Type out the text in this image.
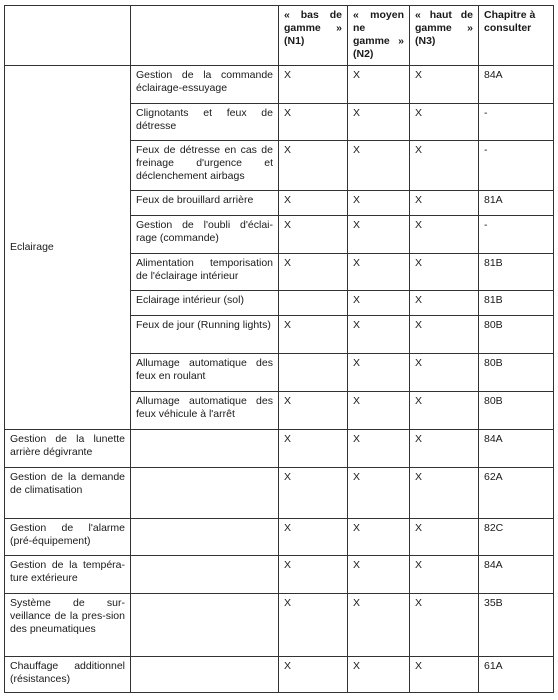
		« bas de gamme » (N1)	« moyen ne gamme » (N2)	« haut de gamme » (N3)	Chapitre à consulter
Eclairage	Gestion de la commande éclairage-essuyage	X	X	X	84A
	Clignotants et feux de détresse	X	X	X	-
	Feux de détresse en cas de freinage d'urgence et déclenchement airbags	X	X	X	-
	Feux de brouillard arrière	X	X	X	81A
	Gestion de l'oubli d'éclai-rage (commande)	X	X	X	-
	Alimentation temporisation de l'éclairage intérieur	X	X	X	81B
	Eclairage intérieur (sol)		X	X	81B
	Feux de jour (Running lights)	X	X	X	80B
	Allumage automatique des feux en roulant		X	X	80B
	Allumage automatique des feux véhicule à l'arrêt	X	X	X	80B
Gestion de la lunette arrière dégivrante		X	X	X	84A
Gestion de la demande de climatisation		X	X	X	62A
Gestion de l'alarme (pré-équipement)		X	X	X	82C
Gestion de la tempéra-ture extérieure		X	X	X	84A
Système de sur-veillance de la pres-sion des pneumatiques		X	X	X	35B
Chauffage additionnel (résistances)		X	X	X	61A
